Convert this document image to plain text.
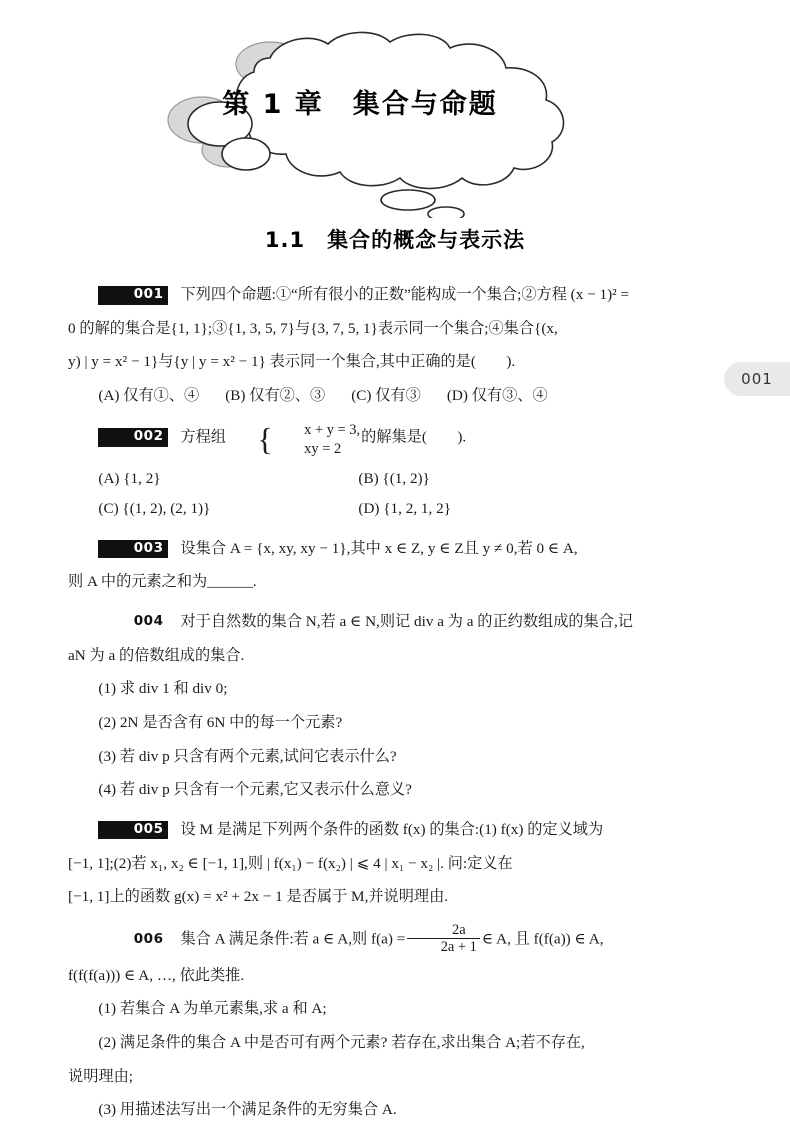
第 1 章　集合与命题
1.1　集合的概念与表示法
001 下列四个命题:①“所有很小的正数”能构成一个集合;②方程 (x − 1)² =
0 的解的集合是{1, 1};③{1, 3, 5, 7}与{3, 7, 5, 1}表示同一个集合;④集合{(x,
y) | y = x² − 1}与{y | y = x² − 1} 表示同一个集合,其中正确的是(　　).
(A) 仅有①、④ (B) 仅有②、③ (C) 仅有③ (D) 仅有③、④
002 方程组 {	x + y = 3,
xy = 2
的解集是(　　).
(A) {1, 2}	(B) {(1, 2)}
(C) {(1, 2), (2, 1)}	(D) {1, 2, 1, 2}
003 设集合 A = {x, xy, xy − 1},其中 x ∈ Z, y ∈ Z且 y ≠ 0,若 0 ∈ A,
则 A 中的元素之和为______.
004 对于自然数的集合 N,若 a ∈ N,则记 div a 为 a 的正约数组成的集合,记
aN 为 a 的倍数组成的集合.
(1) 求 div 1 和 div 0;
(2) 2N 是否含有 6N 中的每一个元素?
(3) 若 div p 只含有两个元素,试问它表示什么?
(4) 若 div p 只含有一个元素,它又表示什么意义?
005 设 M 是满足下列两个条件的函数 f(x) 的集合:(1) f(x) 的定义域为
[−1, 1];(2)若 x₁, x₂ ∈ [−1, 1],则 | f(x₁) − f(x₂) | ⩽ 4 | x₁ − x₂ |. 问:定义在
[−1, 1]上的函数 g(x) = x² + 2x − 1 是否属于 M,并说明理由.
006 集合 A 满足条件:若 a ∈ A,则 $f(a) = \frac{2a}{2a + 1}$ ∈ A, 且 f(f(a)) ∈ A,
f(f(f(a))) ∈ A, …, 依此类推.
(1) 若集合 A 为单元素集,求 a 和 A;
(2) 满足条件的集合 A 中是否可有两个元素? 若存在,求出集合 A;若不存在,
说明理由;
(3) 用描述法写出一个满足条件的无穷集合 A.
001
